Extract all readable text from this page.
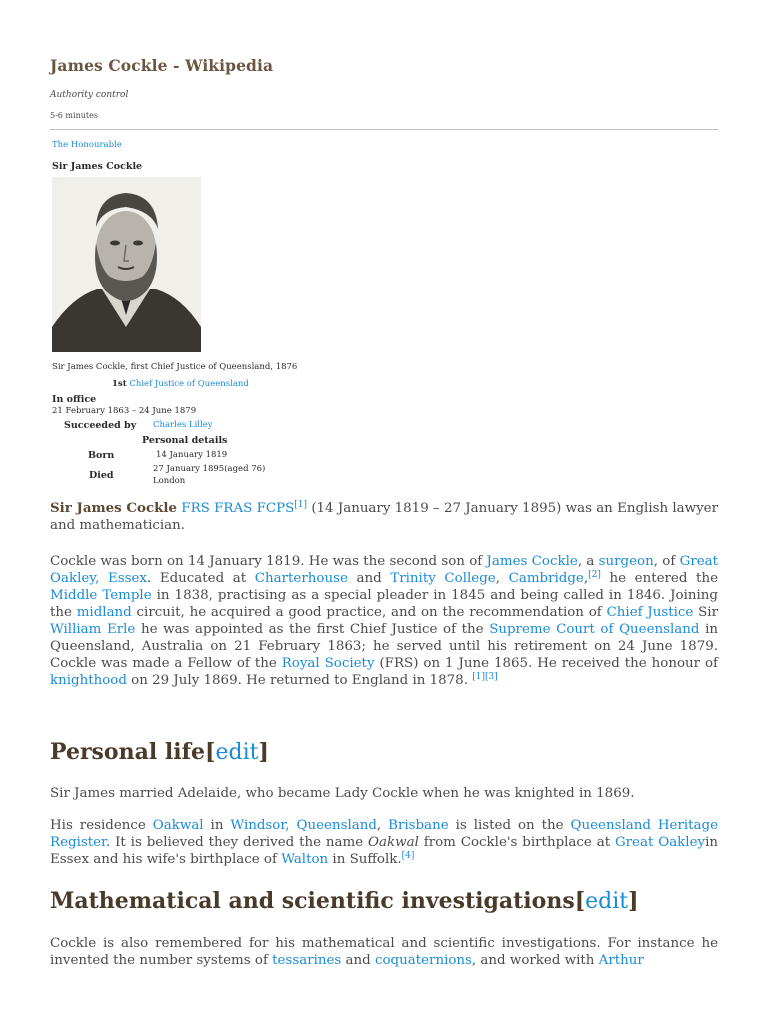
James Cockle - Wikipedia
Authority control
5-6 minutes
The Honourable
Sir James Cockle
Sir James Cockle, first Chief Justice of Queensland, 1876
1st Chief Justice of Queensland
In office
21 February 1863 – 24 June 1879
Succeeded by Charles Lilley
Personal details
Born	14 January 1819
Died
27 January 1895(aged 76)
London

Sir James Cockle FRS FRAS FCPS[1] (14 January 1819 – 27 January 1895) was an English lawyer and mathematician.

Cockle was born on 14 January 1819. He was the second son of James Cockle, a surgeon, of Great Oakley, Essex. Educated at Charterhouse and Trinity College, Cambridge,[2] he entered the Middle Temple in 1838, practising as a special pleader in 1845 and being called in 1846. Joining the midland circuit, he acquired a good practice, and on the recommendation of Chief Justice Sir William Erle he was appointed as the first Chief Justice of the Supreme Court of Queensland in Queensland, Australia on 21 February 1863; he served until his retirement on 24 June 1879. Cockle was made a Fellow of the Royal Society (FRS) on 1 June 1865. He received the honour of knighthood on 29 July 1869. He returned to England in 1878. [1][3]

Personal life[edit]

Sir James married Adelaide, who became Lady Cockle when he was knighted in 1869.

His residence Oakwal in Windsor, Queensland, Brisbane is listed on the Queensland Heritage Register. It is believed they derived the name Oakwal from Cockle's birthplace at Great Oakleyin Essex and his wife's birthplace of Walton in Suffolk.[4]

Mathematical and scientific investigations[edit]

Cockle is also remembered for his mathematical and scientific investigations. For instance he invented the number systems of tessarines and coquaternions, and worked with Arthur
